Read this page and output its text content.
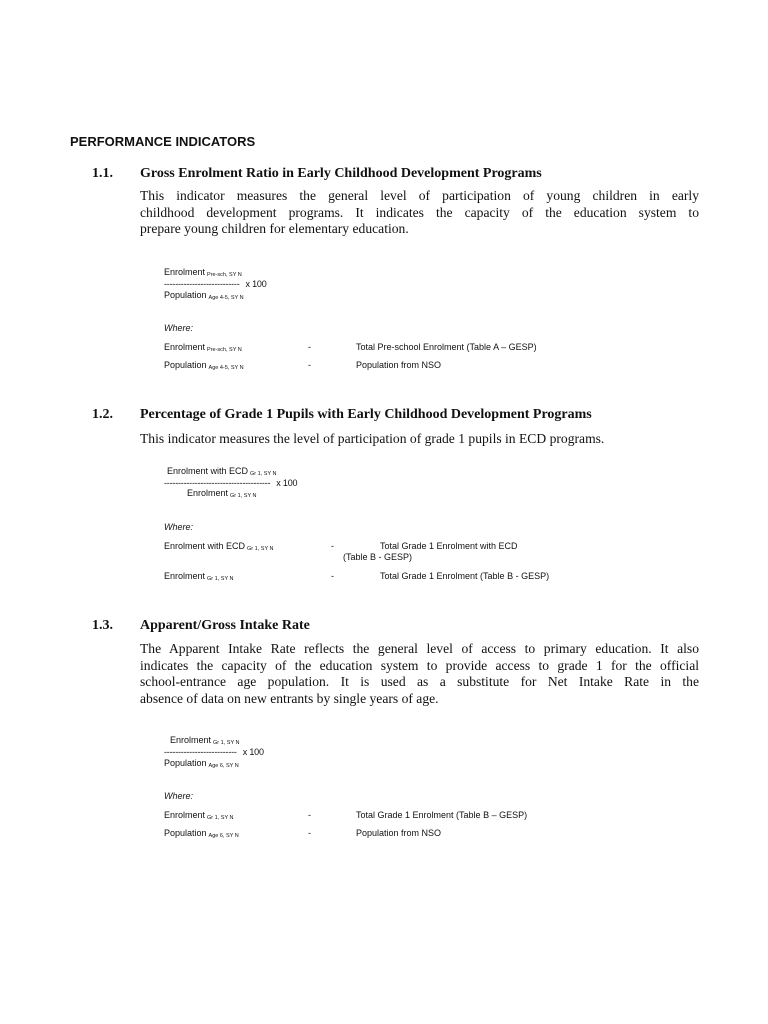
PERFORMANCE INDICATORS
1.1. Gross Enrolment Ratio in Early Childhood Development Programs
This indicator measures the general level of participation of young children in early
childhood development programs. It indicates the capacity of the education system to
prepare young children for elementary education.
Enrolment Pre-sch, SY N
--------------------------- x 100
Population Age 4-5, SY N
Where:
Enrolment Pre-sch, SY N	-	Total Pre-school Enrolment (Table A – GESP)
Population Age 4-5, SY N	-	Population from NSO
1.2. Percentage of Grade 1 Pupils with Early Childhood Development Programs
This indicator measures the level of participation of grade 1 pupils in ECD programs.
Enrolment with ECD Gr 1, SY N
-------------------------------------- x 100
Enrolment Gr 1, SY N
Where:
Enrolment with ECD Gr 1, SY N	-	Total Grade 1 Enrolment with ECD
(Table B - GESP)
Enrolment Gr 1, SY N	-	Total Grade 1 Enrolment (Table B - GESP)
1.3. Apparent/Gross Intake Rate
The Apparent Intake Rate reflects the general level of access to primary education. It also
indicates the capacity of the education system to provide access to grade 1 for the official
school-entrance age population. It is used as a substitute for Net Intake Rate in the
absence of data on new entrants by single years of age.
Enrolment Gr 1, SY N
-------------------------- x 100
Population Age 6, SY N
Where:
Enrolment Gr 1, SY N	-	Total Grade 1 Enrolment (Table B – GESP)
Population Age 6, SY N	-	Population from NSO
